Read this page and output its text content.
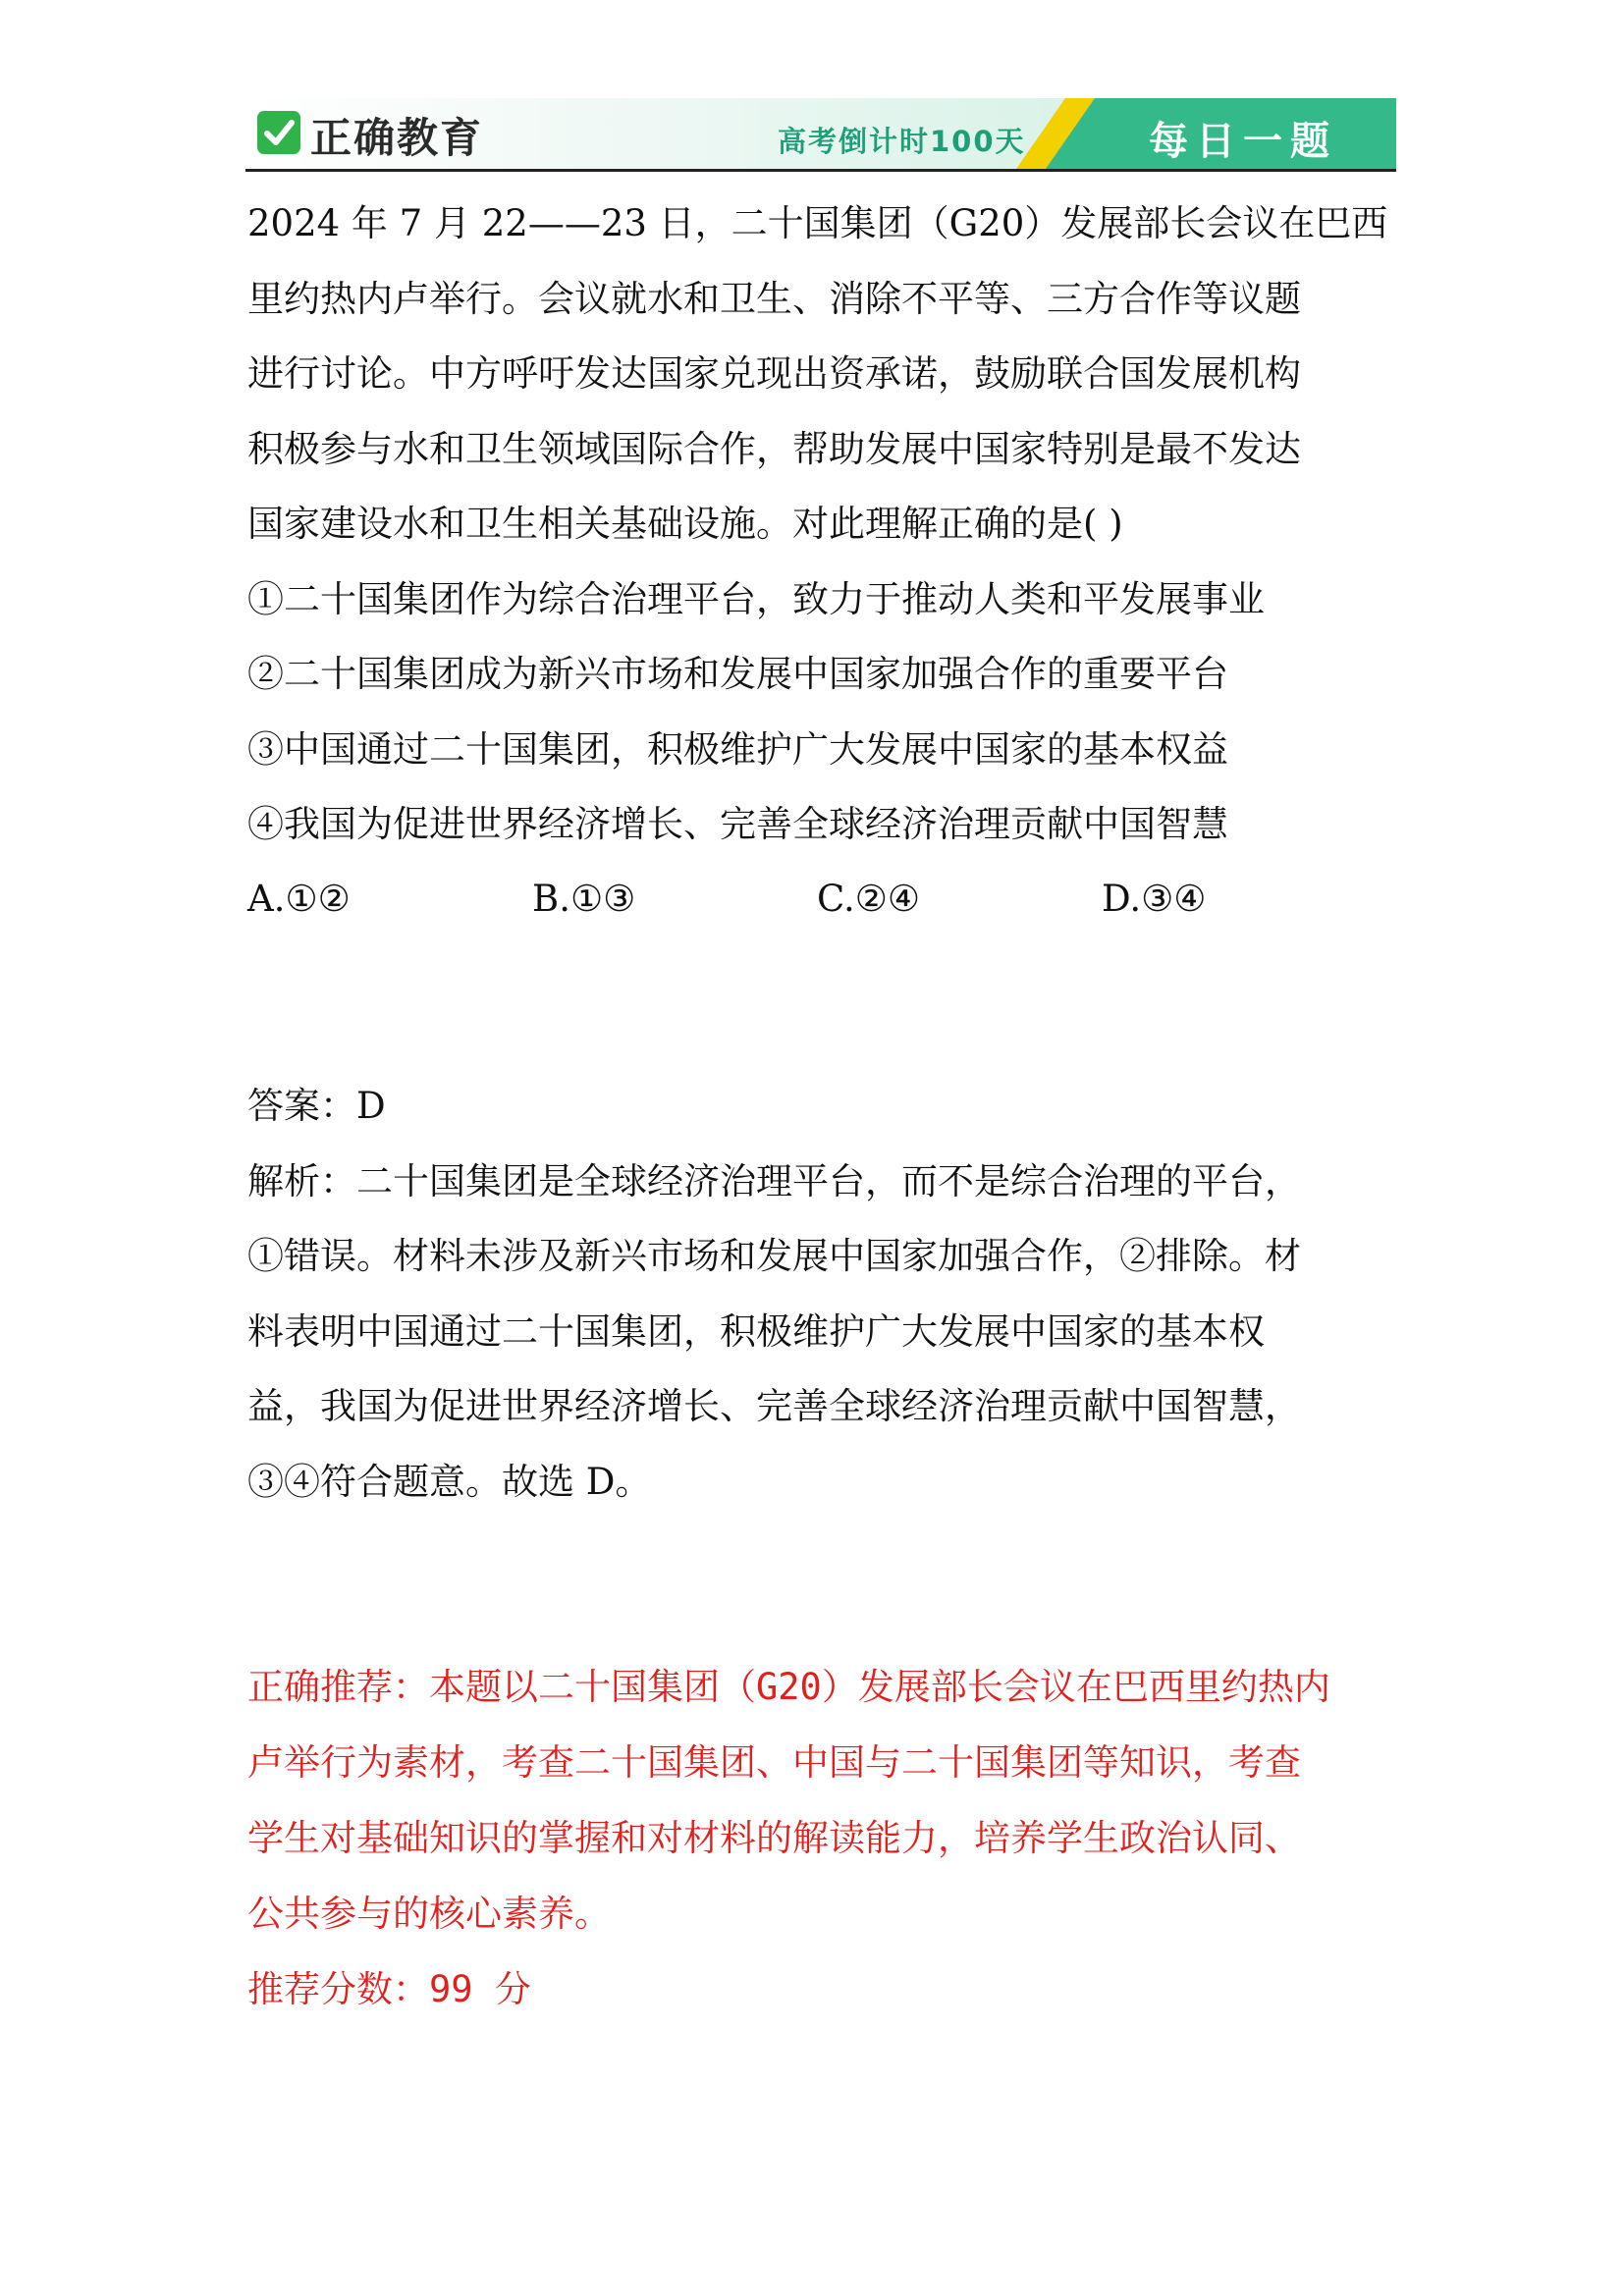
正确教育	高考倒计时100天	每日一题
2024 年 7 月 22——23 日，二十国集团（G20）发展部长会议在巴西
里约热内卢举行。会议就水和卫生、消除不平等、三方合作等议题
进行讨论。中方呼吁发达国家兑现出资承诺，鼓励联合国发展机构
积极参与水和卫生领域国际合作，帮助发展中国家特别是最不发达
国家建设水和卫生相关基础设施。对此理解正确的是( )
①二十国集团作为综合治理平台，致力于推动人类和平发展事业
②二十国集团成为新兴市场和发展中国家加强合作的重要平台
③中国通过二十国集团，积极维护广大发展中国家的基本权益
④我国为促进世界经济增长、完善全球经济治理贡献中国智慧
A.①②	B.①③	C.②④	D.③④
答案：D
解析：二十国集团是全球经济治理平台，而不是综合治理的平台，
①错误。材料未涉及新兴市场和发展中国家加强合作，②排除。材
料表明中国通过二十国集团，积极维护广大发展中国家的基本权
益，我国为促进世界经济增长、完善全球经济治理贡献中国智慧，
③④符合题意。故选 D。
正确推荐：本题以二十国集团（G20）发展部长会议在巴西里约热内
卢举行为素材，考查二十国集团、中国与二十国集团等知识，考查
学生对基础知识的掌握和对材料的解读能力，培养学生政治认同、
公共参与的核心素养。
推荐分数：99 分
